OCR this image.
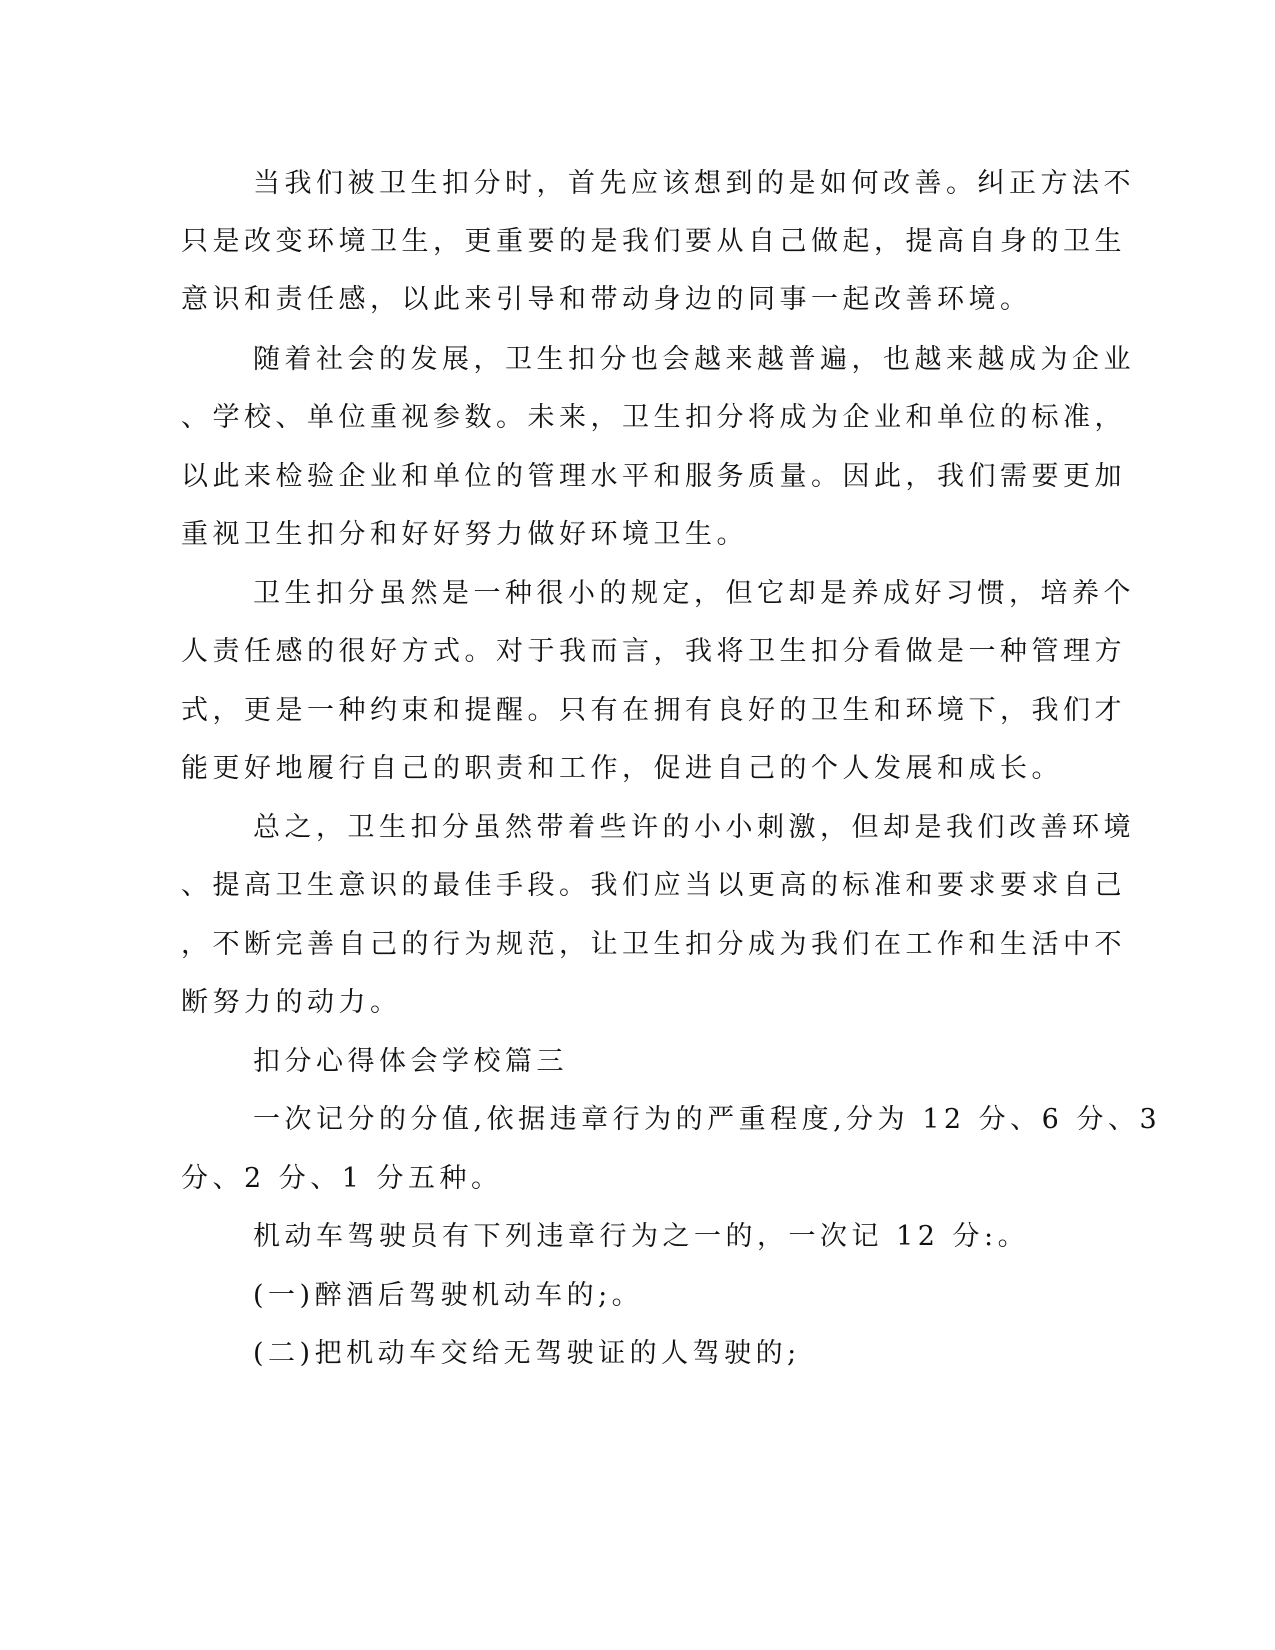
当我们被卫生扣分时，首先应该想到的是如何改善。纠正方法不
只是改变环境卫生，更重要的是我们要从自己做起，提高自身的卫生
意识和责任感，以此来引导和带动身边的同事一起改善环境。
随着社会的发展，卫生扣分也会越来越普遍，也越来越成为企业
、学校、单位重视参数。未来，卫生扣分将成为企业和单位的标准，
以此来检验企业和单位的管理水平和服务质量。因此，我们需要更加
重视卫生扣分和好好努力做好环境卫生。
卫生扣分虽然是一种很小的规定，但它却是养成好习惯，培养个
人责任感的很好方式。对于我而言，我将卫生扣分看做是一种管理方
式，更是一种约束和提醒。只有在拥有良好的卫生和环境下，我们才
能更好地履行自己的职责和工作，促进自己的个人发展和成长。
总之，卫生扣分虽然带着些许的小小刺激，但却是我们改善环境
、提高卫生意识的最佳手段。我们应当以更高的标准和要求要求自己
，不断完善自己的行为规范，让卫生扣分成为我们在工作和生活中不
断努力的动力。
扣分心得体会学校篇三
一次记分的分值,依据违章行为的严重程度,分为 12 分、6 分、3
分、2 分、1 分五种。
机动车驾驶员有下列违章行为之一的，一次记 12 分:。
(一)醉酒后驾驶机动车的;。
(二)把机动车交给无驾驶证的人驾驶的;
